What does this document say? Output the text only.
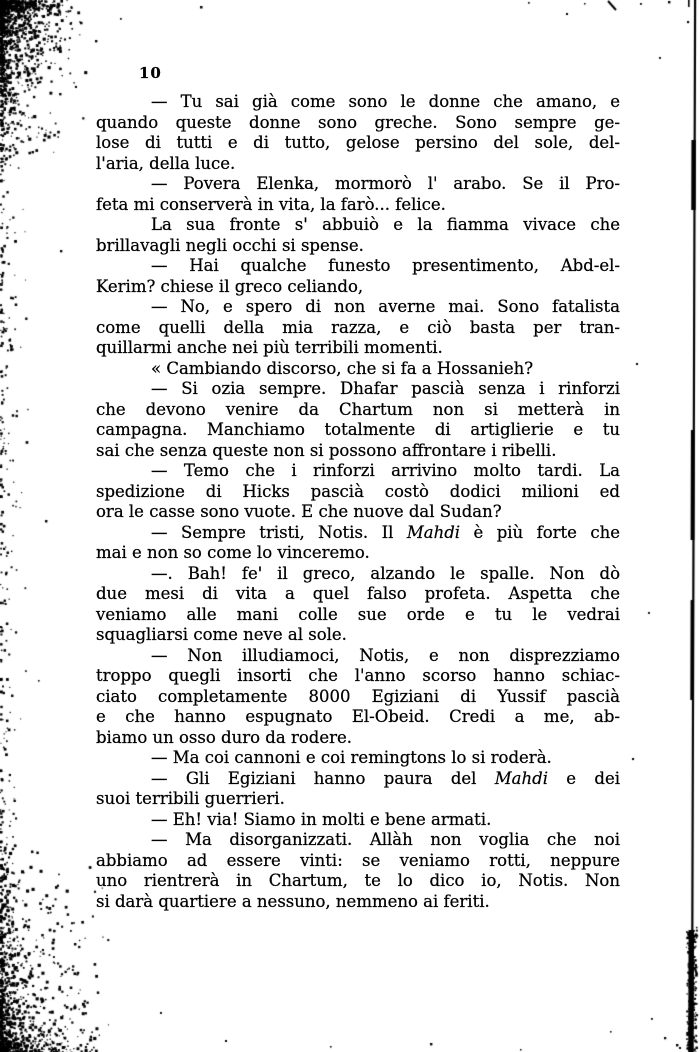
10
— Tu sai già come sono le donne che amano, e
quando queste donne sono greche. Sono sempre ge-
lose di tutti e di tutto, gelose persino del sole, del-
l'aria, della luce.
— Povera Elenka, mormorò l' arabo. Se il Pro-
feta mi conserverà in vita, la farò... felice.
La sua fronte s' abbuiò e la fiamma vivace che
brillavagli negli occhi si spense.
— Hai qualche funesto presentimento, Abd-el-
Kerim? chiese il greco celiando,
— No, e spero di non averne mai. Sono fatalista
come quelli della mia razza, e ciò basta per tran-
quillarmi anche nei più terribili momenti.
« Cambiando discorso, che si fa a Hossanieh?
— Si ozia sempre. Dhafar pascià senza i rinforzi
che devono venire da Chartum non si metterà in
campagna. Manchiamo totalmente di artiglierie e tu
sai che senza queste non si possono affrontare i ribelli.
— Temo che i rinforzi arrivino molto tardi. La
spedizione di Hicks pascià costò dodici milioni ed
ora le casse sono vuote. E che nuove dal Sudan?
— Sempre tristi, Notis. Il Mahdi è più forte che
mai e non so come lo vinceremo.
—. Bah! fe' il greco, alzando le spalle. Non dò
due mesi di vita a quel falso profeta. Aspetta che
veniamo alle mani colle sue orde e tu le vedrai
squagliarsi come neve al sole.
— Non illudiamoci, Notis, e non disprezziamo
troppo quegli insorti che l'anno scorso hanno schiac-
ciato completamente 8000 Egiziani di Yussif pascià
e che hanno espugnato El-Obeid. Credi a me, ab-
biamo un osso duro da rodere.
— Ma coi cannoni e coi remingtons lo si roderà.
— Gli Egiziani hanno paura del Mahdi e dei
suoi terribili guerrieri.
— Eh! via! Siamo in molti e bene armati.
— Ma disorganizzati. Allàh non voglia che noi
abbiamo ad essere vinti: se veniamo rotti, neppure
uno rientrerà in Chartum, te lo dico io, Notis. Non
si darà quartiere a nessuno, nemmeno ai feriti.
